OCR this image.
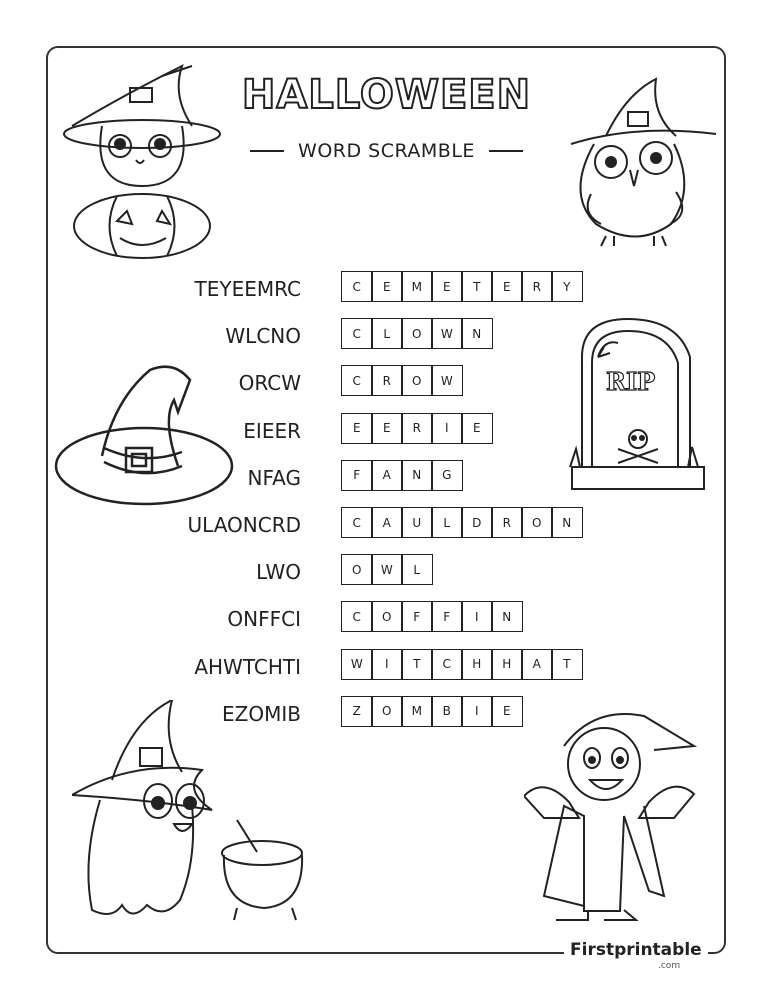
HALLOWEEN
WORD SCRAMBLE
TEYEEMRC	C	E	M	E	T	E	R	Y
WLCNO	C	L	O	W	N
ORCW	C	R	O	W
EIEER	E	E	R	I	E
NFAG	F	A	N	G
ULAONCRD	C	A	U	L	D	R	O	N
LWO	O	W	L
ONFFCI	C	O	F	F	I	N
AHWTCHTI	W	I	T	C	H	H	A	T
EZOMIB	Z	O	M	B	I	E
RIP
Firstprintable
.com
